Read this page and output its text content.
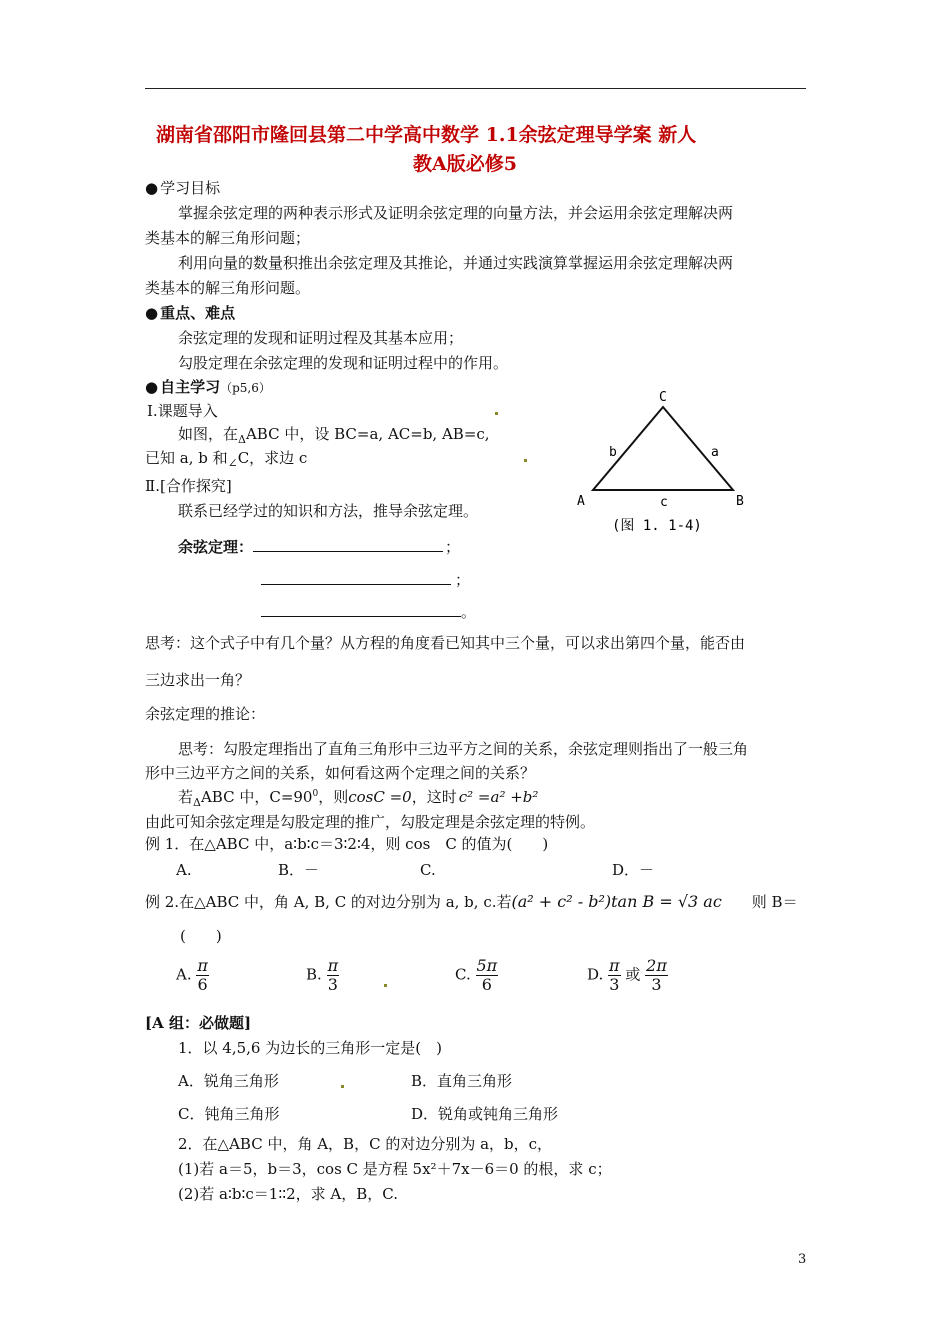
湖南省邵阳市隆回县第二中学高中数学 1.1余弦定理导学案 新人
教A版必修5
● 学习目标
掌握余弦定理的两种表示形式及证明余弦定理的向量方法，并会运用余弦定理解决两
类基本的解三角形问题；
利用向量的数量积推出余弦定理及其推论，并通过实践演算掌握运用余弦定理解决两
类基本的解三角形问题。
● 重点、难点
余弦定理的发现和证明过程及其基本应用；
勾股定理在余弦定理的发现和证明过程中的作用。
● 自主学习（p5,6）
Ⅰ.课题导入
如图，在$_\Delta$ABC 中，设 BC=a, AC=b, AB=c,
已知 a, b 和$_\angle$C，求边 c
Ⅱ.[合作探究]
联系已经学过的知识和方法，推导余弦定理。
余弦定理：	；
；
。
C
A	B
b	a
c
(图 1. 1-4)
思考：这个式子中有几个量？从方程的角度看已知其中三个量，可以求出第四个量，能否由
三边求出一角？
余弦定理的推论：
思考：勾股定理指出了直角三角形中三边平方之间的关系，余弦定理则指出了一般三角
形中三边平方之间的关系，如何看这两个定理之间的关系？
若$_\Delta$ABC 中，$C=90^0$，则cosC =0，这时 c² =a² +b²
由此可知余弦定理是勾股定理的推广，勾股定理是余弦定理的特例。
例 1．在△ABC 中，a∶b∶c＝3∶2∶4，则 cos　C 的值为(　　)
A.	B．－	C.	D．－
例 2.在△ABC 中，角 A, B, C 的对边分别为 a, b, c.若(a² + c² - b²)tan B = √3 ac 则 B＝
(　　)
A. $\frac{\pi}{6}$	B. $\frac{\pi}{3}$	C. $\frac{5\pi}{6}$	D. $\frac{\pi}{3}$ 或 $\frac{2\pi}{3}$
[A 组：必做题]
1．以 4,5,6 为边长的三角形一定是(　)
A．锐角三角形	B．直角三角形
C．钝角三角形	D．锐角或钝角三角形
2．在△ABC 中，角 A，B，C 的对边分别为 a，b，c，
(1)若 a＝5，b＝3，cos C 是方程 5x²＋7x－6＝0 的根，求 c；
(2)若 a∶b∶c＝1∶∶2，求 A，B，C.
3
